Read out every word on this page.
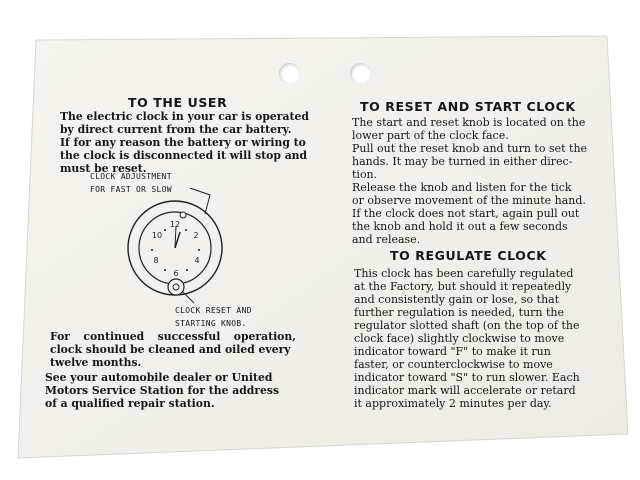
TO THE USER
The electric clock in your car is operated
by direct current from the car battery.
If for any reason the battery or wiring to
the clock is disconnected it will stop and
must be reset.
CLOCK ADJUSTMENT
FOR FAST OR SLOW
12
10	2
8	4
6
CLOCK RESET AND
STARTING KNOB.
For continued successful operation,
clock should be cleaned and oiled every
twelve months.
See your automobile dealer or United
Motors Service Station for the address
of a qualified repair station.
TO RESET AND START CLOCK
The start and reset knob is located on the
lower part of the clock face.
Pull out the reset knob and turn to set the
hands. It may be turned in either direc-
tion.
Release the knob and listen for the tick
or observe movement of the minute hand.
If the clock does not start, again pull out
the knob and hold it out a few seconds
and release.
TO REGULATE CLOCK
This clock has been carefully regulated
at the Factory, but should it repeatedly
and consistently gain or lose, so that
further regulation is needed, turn the
regulator slotted shaft (on the top of the
clock face) slightly clockwise to move
indicator toward "F" to make it run
faster, or counterclockwise to move
indicator toward "S" to run slower. Each
indicator mark will accelerate or retard
it approximately 2 minutes per day.
